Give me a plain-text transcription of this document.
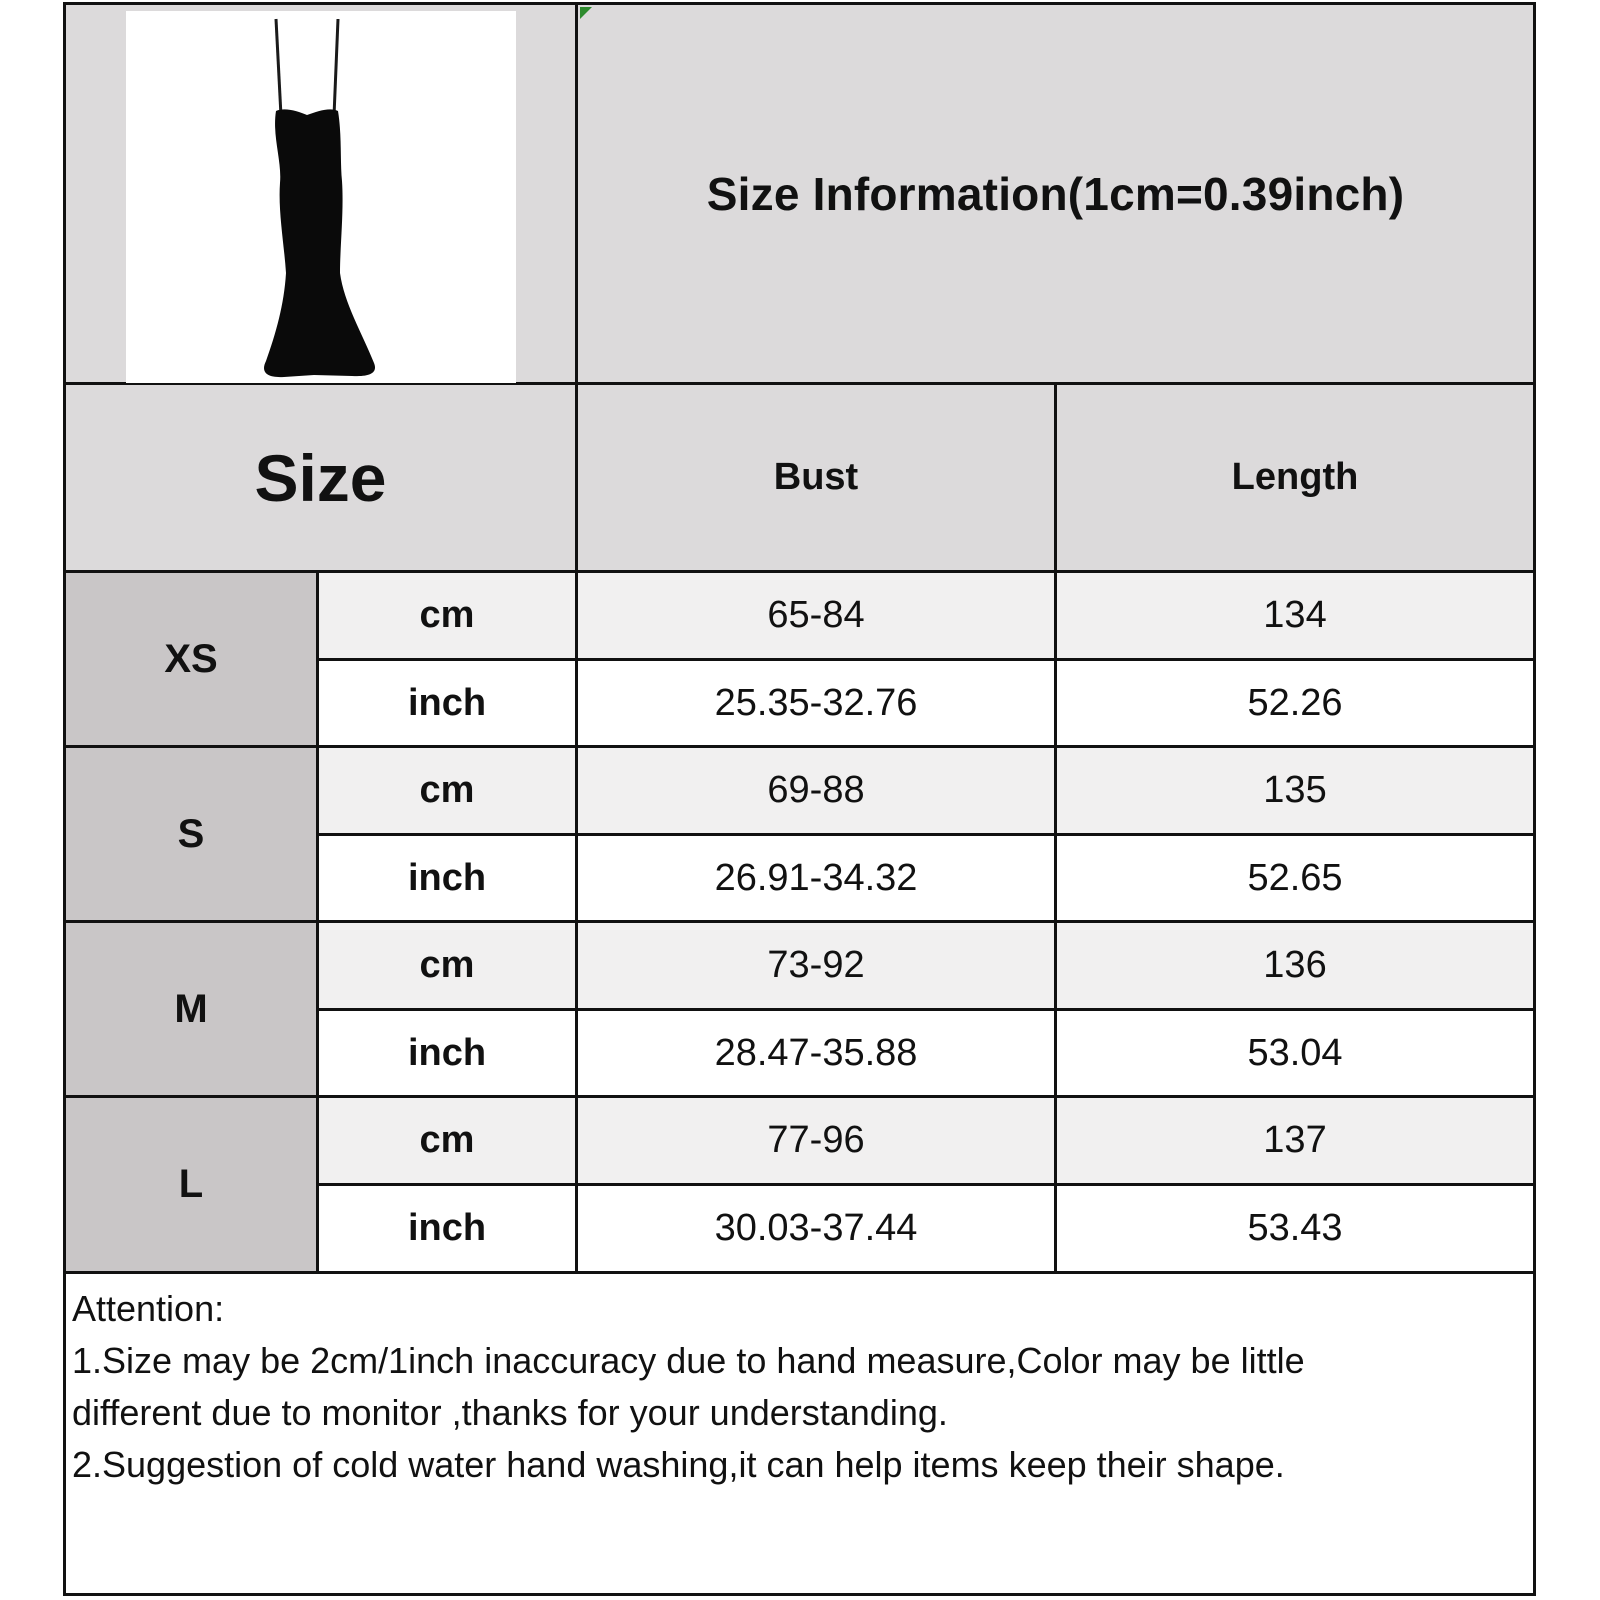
Size Information(1cm=0.39inch)
Size	Bust	Length
XS
cm	65-84	134
inch	25.35-32.76	52.26
S
cm	69-88	135
inch	26.91-34.32	52.65
M
cm	73-92	136
inch	28.47-35.88	53.04
L
cm	77-96	137
inch	30.03-37.44	53.43
Attention:
1.Size may be 2cm/1inch inaccuracy due to hand measure,Color may be little
different due to monitor ,thanks for your understanding.
2.Suggestion of cold water hand washing,it can help items keep their shape.
